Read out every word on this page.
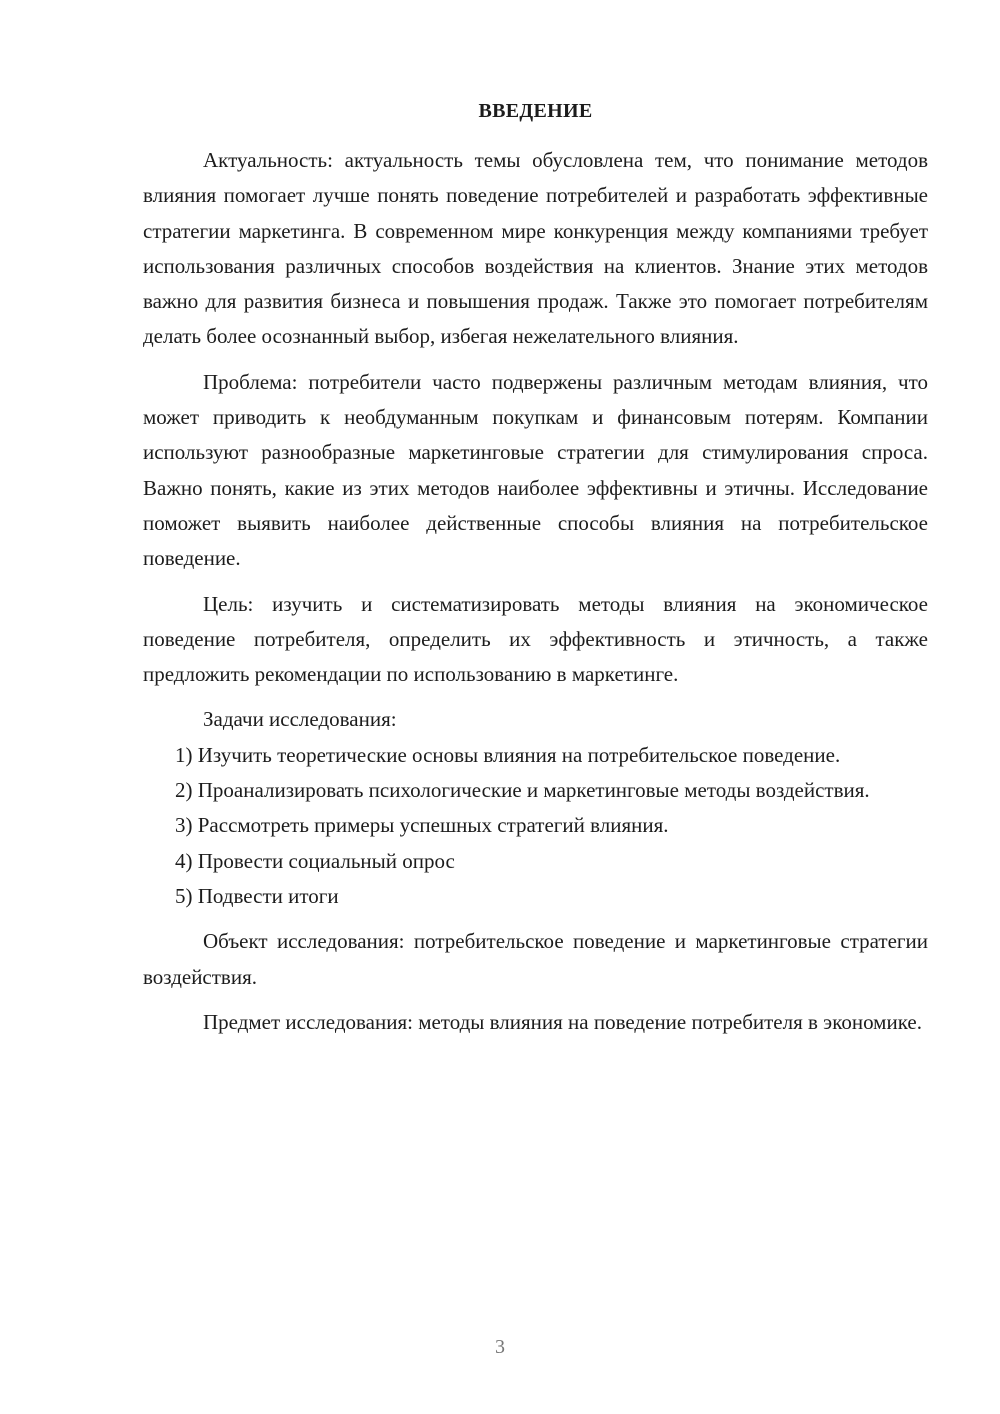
ВВЕДЕНИЕ

Актуальность: актуальность темы обусловлена тем, что понимание методов влияния помогает лучше понять поведение потребителей и разработать эффективные стратегии маркетинга. В современном мире конкуренция между компаниями требует использования различных способов воздействия на клиентов. Знание этих методов важно для развития бизнеса и повышения продаж. Также это помогает потребителям делать более осознанный выбор, избегая нежелательного влияния.

Проблема: потребители часто подвержены различным методам влияния, что может приводить к необдуманным покупкам и финансовым потерям. Компании используют разнообразные маркетинговые стратегии для стимулирования спроса. Важно понять, какие из этих методов наиболее эффективны и этичны. Исследование поможет выявить наиболее действенные способы влияния на потребительское поведение.

Цель: изучить и систематизировать методы влияния на экономическое поведение потребителя, определить их эффективность и этичность, а также предложить рекомендации по использованию в маркетинге.

Задачи исследования:

1) Изучить теоретические основы влияния на потребительское поведение.

2) Проанализировать психологические и маркетинговые методы воздействия.

3) Рассмотреть примеры успешных стратегий влияния.

4) Провести социальный опрос

5) Подвести итоги

Объект исследования: потребительское поведение и маркетинговые стратегии воздействия.

Предмет исследования: методы влияния на поведение потребителя в экономике.

3
